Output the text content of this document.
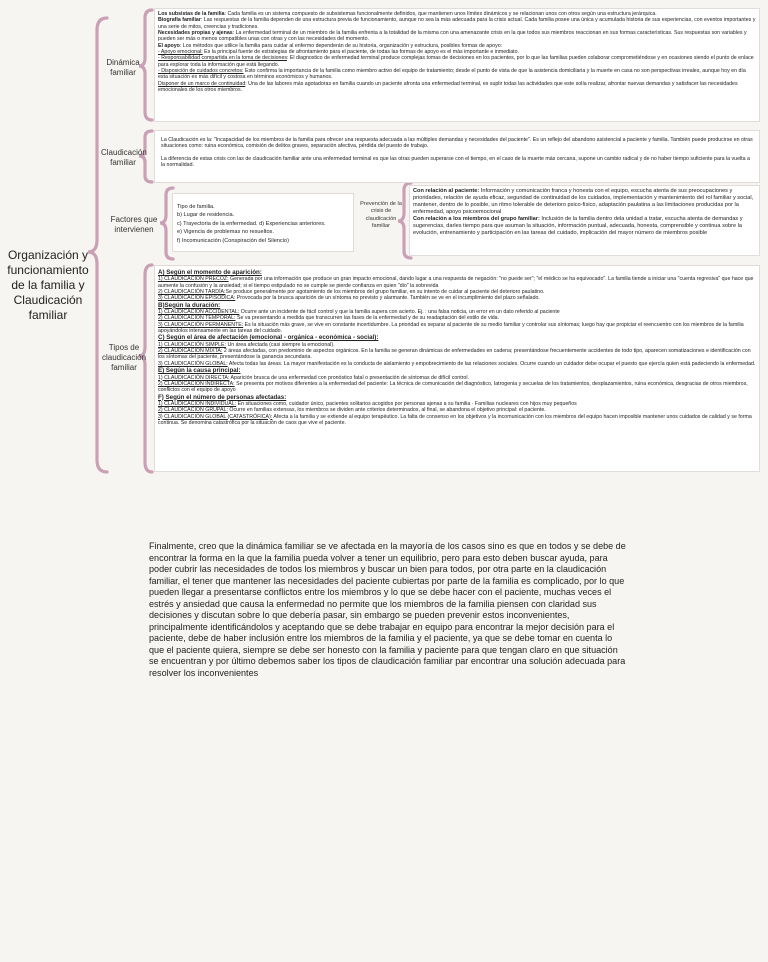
Organización y funcionamiento de la familia y Claudicación familiar
Dinámica familiar

Los subsistas de la familia: Cada familia es un sistema compuesto de subsistemas funcionalmente definidos, que mantienen unos límites dinámicos y se relacionan unos con otros según una estructura jerárquica.

Biografía familiar: Las respuestas de la familia dependen de una estructura previa de funcionamiento, aunque no sea la más adecuada para la crisis actual. Cada familia posee una única y acumulada historia de sus experiencias, con eventos importantes y una serie de mitos, creencias y tradiciones.

Necesidades propias y ajenas: La enfermedad terminal de un miembro de la familia enfrenta a la totalidad de la misma con una amenazante crisis en la que todos sus miembros reaccionan en sus formas características. Sus respuestas son variables y pueden ser más o menos compatibles unas con otras y con las necesidades del momento.

El apoyo: Los métodos que utilice la familia para cuidar al enfermo dependerán de su historia, organización y estructura, posibles formas de apoyo:

- Apoyo emocional: Es la principal fuente de estrategias de afrontamiento para el paciente, de todas las formas de apoyo es el más importante e inmediato.

- Responsabilidad compartida en la toma de decisiones: El diagnostico de enfermedad terminal produce complejas tomas de decisiones en los pacientes, por lo que las familias pueden colaborar comprometiéndose y en ocasiones siendo el punto de enlace para explorar toda la información que está llegando.

- Disposición de cuidados concretos: Esto confirma la importancia de la familia como miembro activo del equipo de tratamiento; desde el punto de vista de que la asistencia domiciliaria y la muerte en casa no son perspectivas irreales, aunque hoy en día esta situación es más difícil y costosa en términos económicos y humanos.

Disponer de un marco de continuidad: Una de las labores más agotadoras en familia cuando un paciente afronta una enfermedad terminal, es suplir todas las actividades que este solía realizar, afrontar nuevas demandas y satisfacer las necesidades emocionales de los otros miembros.

Claudicación familiar

La Claudicación es la: "Incapacidad de los miembros de la familia para ofrecer una respuesta adecuada a las múltiples demandas y necesidades del paciente". Es un reflejo del abandono asistencial a paciente y familia. También puede producirse en otras situaciones como: ruina económica, comisión de delitos graves, separación afectiva, pérdida del puesto de trabajo.

La diferencia de estas crisis con las de claudicación familiar ante una enfermedad terminal es que las otras pueden superarse con el tiempo, en el caso de la muerte más cercana, supone un cambio radical y de no haber tiempo suficiente para la vuelta a la normalidad.

Factores que intervienen

Tipo de familia.

b) Lugar de residencia.

c) Trayectoria de la enfermedad. d) Experiencias anteriores.

e) Vigencia de problemas no resueltos.

f) Incomunicación (Conspiración del Silencio)

Prevención de la crisis de claudicación familiar

Con relación al paciente: Información y comunicación franca y honesta con el equipo, escucha atenta de sus preocupaciones y prioridades, relación de ayuda eficaz, seguridad de continuidad de los cuidados, implementación y mantenimiento del rol familiar y social, mantener, dentro de lo posible, un ritmo tolerable de deterioro psico-físico, adaptación paulatina a las limitaciones producidas por la enfermedad, apoyo psicoemocional

Con relación a los miembros del grupo familiar: Inclusión de la familia dentro dela unidad a tratar, escucha atenta de demandas y sugerencias, darles tiempo para que asuman la situación, información puntual, adecuada, honesta, comprensible y continua sobre la evolución, entrenamiento y participación en las tareas del cuidado, implicación del mayor número de miembros posible

Tipos de claudicación familiar

A) Según el momento de aparición:

1) CLAUDICACIÓN PRECOZ: Generada por una información que produce un gran impacto emocional, dando lugar a una respuesta de negación: "no puede ser"; "el médico se ha equivocado". La familia tiende a iniciar una "cuenta regresiva" que hace que aumente la confusión y la ansiedad; si el tiempo estipulado no se cumple se pierde confianza en quien "dio" la sobrevida

2) CLAUDICACIÓN TARDÍA:Se produce generalmente por agotamiento de los miembros del grupo familiar, en su intento de cuidar al paciente del deterioro paulatino.

3) CLAUDICACIÓN EPISÓDICA: Provocada por la brusca aparición de un síntoma no previsto y alarmante. También se ve en el incumplimiento del plazo señalado.

B)Según la duración:

1) CLAUDICACIÓN ACCIDENTAL: Ocurre ante un incidente de fácil control y que la familia supera con acierto. Ej. : una falsa noticia, un error en un dato referido al paciente

2) CLAUDICACIÓN TEMPORAL: Se va presentando a medida que transcurren las fases de la enfermedad y de su readaptación del estilo de vida.

3) CLAUDICACIÓN PERMANENTE: Es la situación más grave, se vive en constante incertidumbre. La prioridad es separar al paciente de su medio familiar y controlar sus síntomas; luego hay que propiciar el reencuentro con los miembros de la familia apoyándolos intensamente en las tareas del cuidado.

C) Según el área de afectación (emocional - orgánica - económica - social):

1) CLAUDICACIÓN SIMPLE: Un área afectada (casi siempre la emocional).

2) CLAUDICACIÓN MIXTA: 2 áreas afectadas, con predominio de aspectos orgánicos. En la familia se generan dinámicas de enfermedades en cadena; presentándose frecuentemente accidentes de todo tipo, aparecen somatizaciones e identificación con los síntomas del paciente, presentándose la ganancia secundaria.

3) CLAUDICACIÓN GLOBAL: Afecta todas las áreas. La mayor manifestación es la conducta de aislamiento y empobrecimiento de las relaciones sociales. Ocurre cuando un cuidador debe ocupar el puesto que ejercía quien está padeciendo la enfermedad.

E) Según la causa principal:

1) CLAUDICACIÓN DIRECTA: Aparición brusca de una enfermedad con pronóstico fatal o presentación de síntomas de difícil control.

2) CLAUDICACIÓN INDIRECTA: Se presenta por motivos diferentes a la enfermedad del paciente: La técnica de comunicación del diagnóstico, Iatrogenia y secuelas de los tratamientos, desplazamientos, ruina económica, desgracias de otros miembros, conflictos con el equipo de apoyo

F) Según el número de personas afectadas:

1) CLAUDICACIÓN INDIVIDUAL: En situaciones como, cuidador único, pacientes solitarios acogidos por personas ajenas a su familia · Familias nucleares con hijos muy pequeños

2) CLAUDICACIÓN GRUPAL: Ocurre en familias extensas, los miembros se dividen ante criterios determinados, al final, se abandona el objetivo principal: el paciente.

3) CLAUDICACIÓN GLOBAL (CATASTRÓFICA): Afecta a la familia y se extiende al equipo terapéutico. La falta de consenso en los objetivos y la incomunicación con los miembros del equipo hacen imposible mantener unos cuidados de calidad y se forma continua. Se denomina catastrófica por la situación de caos que vive el paciente.

Finalmente, creo que la dinámica familiar se ve afectada en la mayoría de los casos sino es que en todos y se debe de encontrar la forma en la que la familia pueda volver a tener un equilibrio, pero para esto deben buscar ayuda, para poder cubrir las necesidades de todos los miembros y buscar un bien para todos, por otra parte en la claudicación familiar, el tener que mantener las necesidades del paciente cubiertas por parte de la familia es complicado, por lo que pueden llegar a presentarse conflictos entre los miembros y lo que se debe hacer con el paciente, muchas veces el estrés y ansiedad que causa la enfermedad no permite que los miembros de la familia piensen con claridad sus decisiones y discutan sobre lo que debería pasar, sin embargo se pueden prevenir estos inconvenientes, principalmente identificándolos y aceptando que se debe trabajar en equipo para encontrar la mejor decisión para el paciente, debe de haber inclusión entre los miembros de la familia y el paciente, ya que se debe tomar en cuenta lo que el paciente quiera, siempre se debe ser honesto con la familia y paciente para que tengan claro en que situación se encuentran y por último debemos saber los tipos de claudicación familiar par encontrar una solución adecuada para resolver los inconvenientes
